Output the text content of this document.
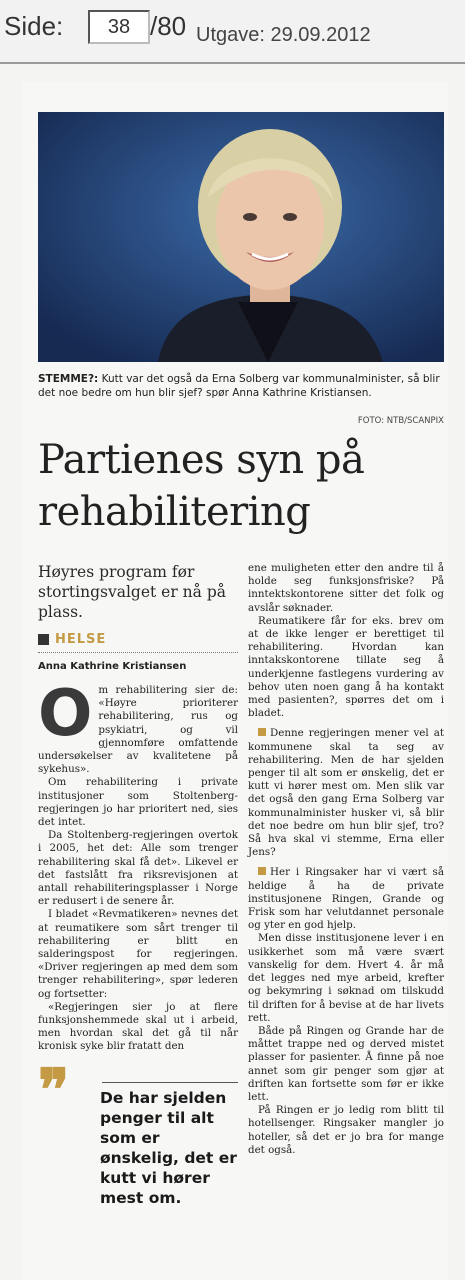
Side:	38 /80 Utgave: 29.09.2012
STEMME?: Kutt var det også da Erna Solberg var kommunalminister, så blir det noe bedre om hun blir sjef? spør Anna Kathrine Kristiansen.
FOTO: NTB/SCANPIX
Partienes syn på
rehabilitering

Høyres program før stortingsvalget er nå på plass.

HELSE
Anna Kathrine Kristiansen

Om rehabilitering sier de: «Høyre prioriterer rehabilitering, rus og psykiatri, og vil gjennomføre omfattende undersøkelser av kvalitetene på sykehus».

Om rehabilitering i private institusjoner som Stoltenberg-regjeringen jo har prioritert ned, sies det intet.

Da Stoltenberg-regjeringen overtok i 2005, het det: Alle som trenger rehabilitering skal få det». Likevel er det fastslått fra riksrevisjonen at antall rehabiliteringsplasser i Norge er redusert i de senere år.

I bladet «Revmatikeren» nevnes det at reumatikere som sårt trenger til rehabilitering er blitt en salderingspost for regjeringen. «Driver regjeringen ap med dem som trenger rehabilitering», spør lederen og fortsetter:

«Regjeringen sier jo at flere funksjonshemmede skal ut i arbeid, men hvordan skal det gå til når kronisk syke blir fratatt den

❞	De har sjelden penger til alt som er ønskelig, det er kutt vi hører mest om.

ene muligheten etter den andre til å holde seg funksjonsfriske? På inntektskontorene sitter det folk og avslår søknader.

Reumatikere får for eks. brev om at de ikke lenger er berettiget til rehabilitering. Hvordan kan inntakskontorene tillate seg å underkjenne fastlegens vurdering av behov uten noen gang å ha kontakt med pasienten?, spørres det om i bladet.

Denne regjeringen mener vel at kommunene skal ta seg av rehabilitering. Men de har sjelden penger til alt som er ønskelig, det er kutt vi hører mest om. Men slik var det også den gang Erna Solberg var kommunalminister husker vi, så blir det noe bedre om hun blir sjef, tro? Så hva skal vi stemme, Erna eller Jens?

Her i Ringsaker har vi vært så heldige å ha de private institusjonene Ringen, Grande og Frisk som har velutdannet personale og yter en god hjelp.

Men disse institusjonene lever i en usikkerhet som må være svært vanskelig for dem. Hvert 4. år må det legges ned mye arbeid, krefter og bekymring i søknad om tilskudd til driften for å bevise at de har livets rett.

Både på Ringen og Grande har de måttet trappe ned og derved mistet plasser for pasienter. Å finne på noe annet som gir penger som gjør at driften kan fortsette som før er ikke lett.

På Ringen er jo ledig rom blitt til hotellsenger. Ringsaker mangler jo hoteller, så det er jo bra for mange det også.
